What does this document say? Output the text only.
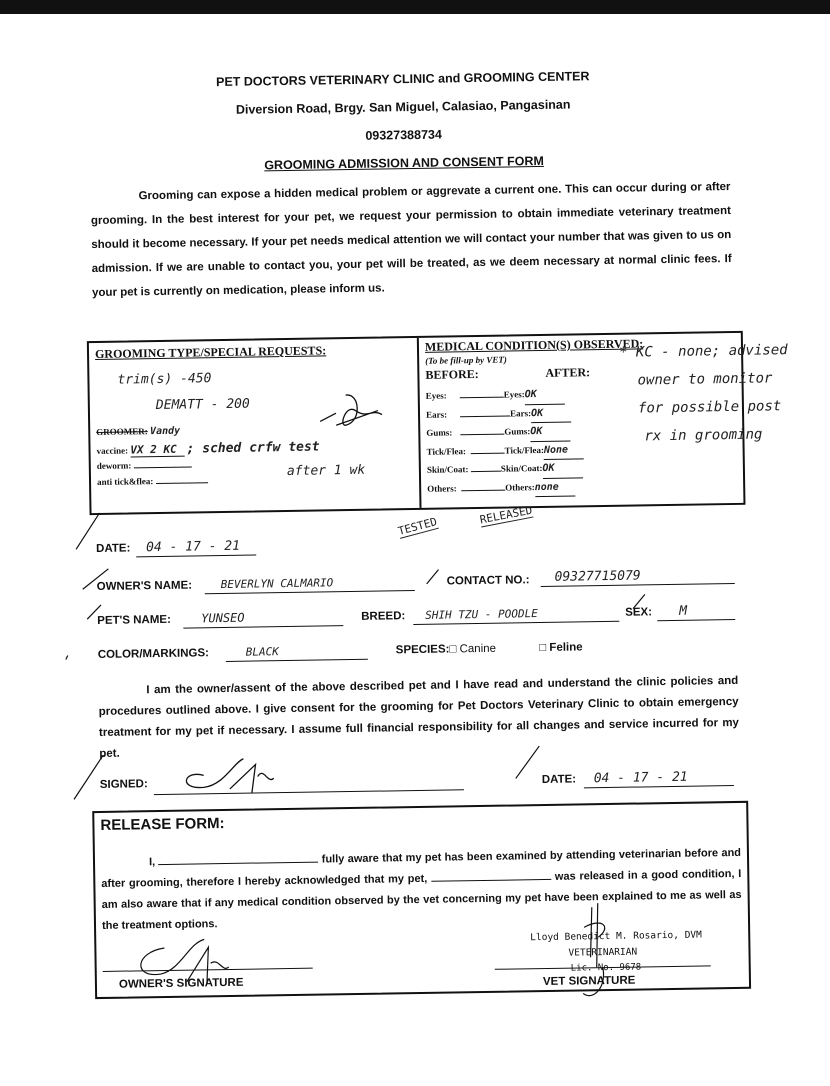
PET DOCTORS VETERINARY CLINIC and GROOMING CENTER
Diversion Road, Brgy. San Miguel, Calasiao, Pangasinan
09327388734
GROOMING ADMISSION AND CONSENT FORM
Grooming can expose a hidden medical problem or aggrevate a current one. This can occur during or after grooming. In the best interest for your pet, we request your permission to obtain immediate veterinary treatment should it become necessary. If your pet needs medical attention we will contact your number that was given to us on admission. If we are unable to contact you, your pet will be treated, as we deem necessary at normal clinic fees. If your pet is currently on medication, please inform us.
GROOMING TYPE/SPECIAL REQUESTS:
trim(s) -450
DEMATT - 200
GROOMER: Vandy
vaccine: VX 2 KC ; sched crfw test
after 1 wk
deworm:
anti tick&flea:
MEDICAL CONDITION(S) OBSERVED:
(To be fill-up by VET)
BEFORE:	AFTER:
Eyes:	Eyes:OK
Ears:	Ears:OK
Gums:	Gums:OK
Tick/Flea:	Tick/Flea:None
Skin/Coat:	Skin/Coat:OK
Others:	Others:none
* KC - none; advised
owner to monitor
for possible post
rx in grooming
TESTED
RELEASED
DATE:	04 - 17 - 21
OWNER'S NAME:	BEVERLYN CALMARIO	CONTACT NO.:	09327715079
PET'S NAME:	YUNSEO	BREED:	SHIH TZU - POODLE	SEX:	M
COLOR/MARKINGS:	BLACK	SPECIES:□ Canine	□ Feline
I am the owner/assent of the above described pet and I have read and understand the clinic policies and procedures outlined above. I give consent for the grooming for Pet Doctors Veterinary Clinic to obtain emergency treatment for my pet if necessary. I assume full financial responsibility for all changes and service incurred for my pet.
SIGNED:	DATE:	04 - 17 - 21
RELEASE FORM:
I,	fully aware that my pet has been examined by attending veterinarian before and after grooming, therefore I hereby acknowledged that my pet,	was released in a good condition, I am also aware that if any medical condition observed by the vet concerning my pet have been explained to me as well as the treatment options.
Lloyd Benedict M. Rosario, DVM
VETERINARIAN
Lic. No. 9678
OWNER'S SIGNATURE	VET SIGNATURE
